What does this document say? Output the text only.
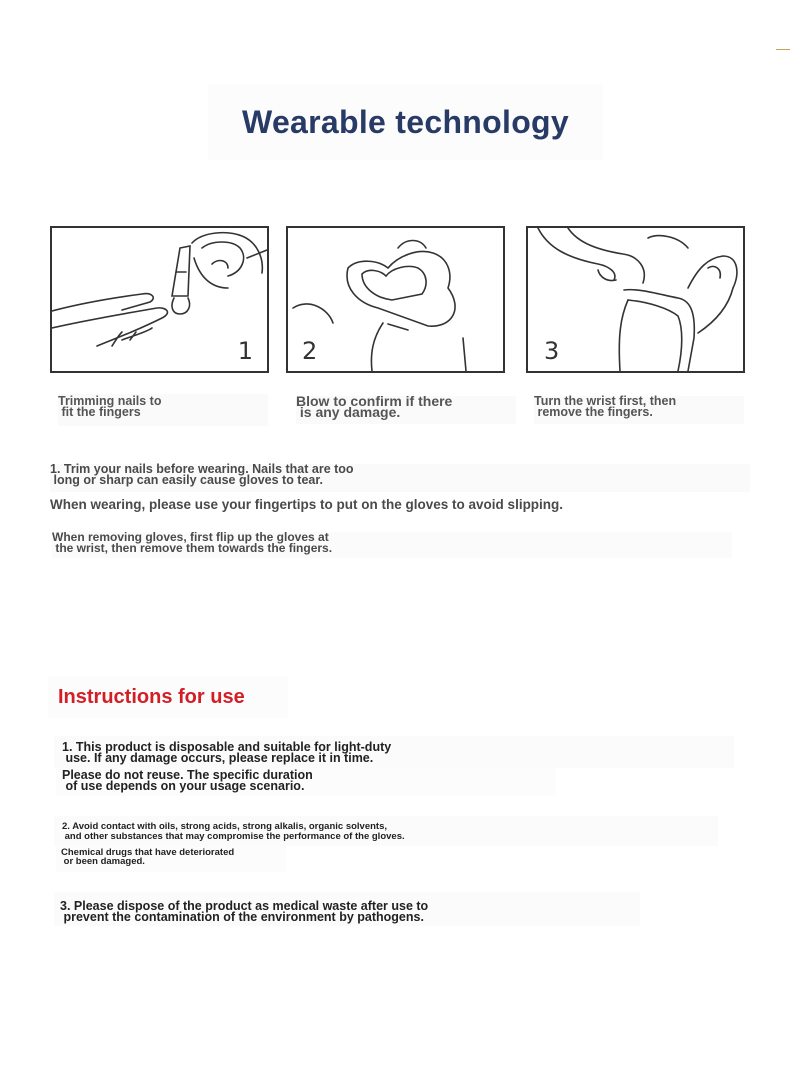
Wearable technology
1 2	3
Trimming nails to
fit the fingers
Blow to confirm if there
is any damage.
Turn the wrist first, then
remove the fingers.
1. Trim your nails before wearing. Nails that are too
long or sharp can easily cause gloves to tear.
When wearing, please use your fingertips to put on the gloves to avoid slipping.
When removing gloves, first flip up the gloves at
the wrist, then remove them towards the fingers.
Instructions for use
1. This product is disposable and suitable for light-duty
use. If any damage occurs, please replace it in time.
Please do not reuse. The specific duration
of use depends on your usage scenario.
2. Avoid contact with oils, strong acids, strong alkalis, organic solvents,
and other substances that may compromise the performance of the gloves.
Chemical drugs that have deteriorated
or been damaged.
3. Please dispose of the product as medical waste after use to
prevent the contamination of the environment by pathogens.
